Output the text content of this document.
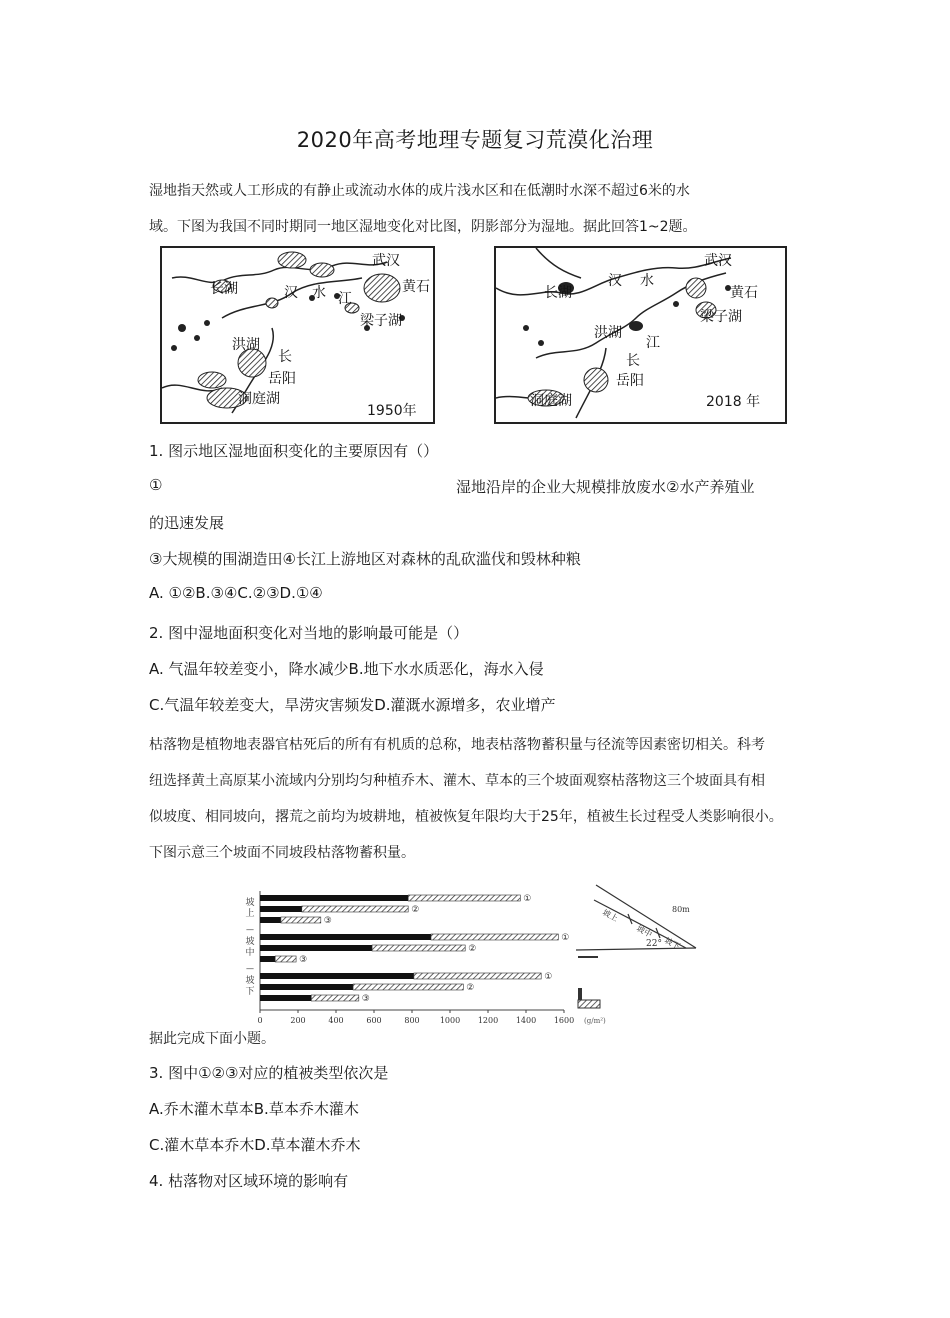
2020年高考地理专题复习荒漠化治理
湿地指天然或人工形成的有静止或流动水体的成片浅水区和在低潮时水深不超过6米的水
域。下图为我国不同时期同一地区湿地变化对比图，阴影部分为湿地。据此回答1~2题。
武汉
黄石
长湖	汉 水 江
梁子湖
洪湖
长
岳阳
洞庭湖
1950年
武汉
黄石
长湖
汉 水
梁子湖
洪湖
江
长
岳阳
洞庭湖	2018 年
1. 图示地区湿地面积变化的主要原因有（）
①	湿地沿岸的企业大规模排放废水②水产养殖业
的迅速发展
③大规模的围湖造田④长江上游地区对森林的乱砍滥伐和毁林种粮
A. ①②B.③④C.②③D.①④
2. 图中湿地面积变化对当地的影响最可能是（）
A. 气温年较差变小，降水减少B.地下水水质恶化，海水入侵
C.气温年较差变大，旱涝灾害频发D.灌溉水源增多，农业增产
枯落物是植物地表器官枯死后的所有有机质的总称，地表枯落物蓄积量与径流等因素密切相关。科考
纽选择黄土高原某小流域内分别均匀种植乔木、灌木、草本的三个坡面观察枯落物这三个坡面具有相
似坡度、相同坡向，撂荒之前均为坡耕地，植被恢复年限均大于25年，植被生长过程受人类影响很小。
下图示意三个坡面不同坡段枯落物蓄积量。
0	200	400	600	800	1000 1200 1400 1600 (g/m²)
①
②
③
坡
上
—
①
②
③
坡
中
—
①
②
③
坡
下
22°
80m
坡上
坡中
坡下
据此完成下面小题。
3. 图中①②③对应的植被类型依次是
A.乔木灌木草本B.草本乔木灌木
C.灌木草本乔木D.草本灌木乔木
4. 枯落物对区域环境的影响有
